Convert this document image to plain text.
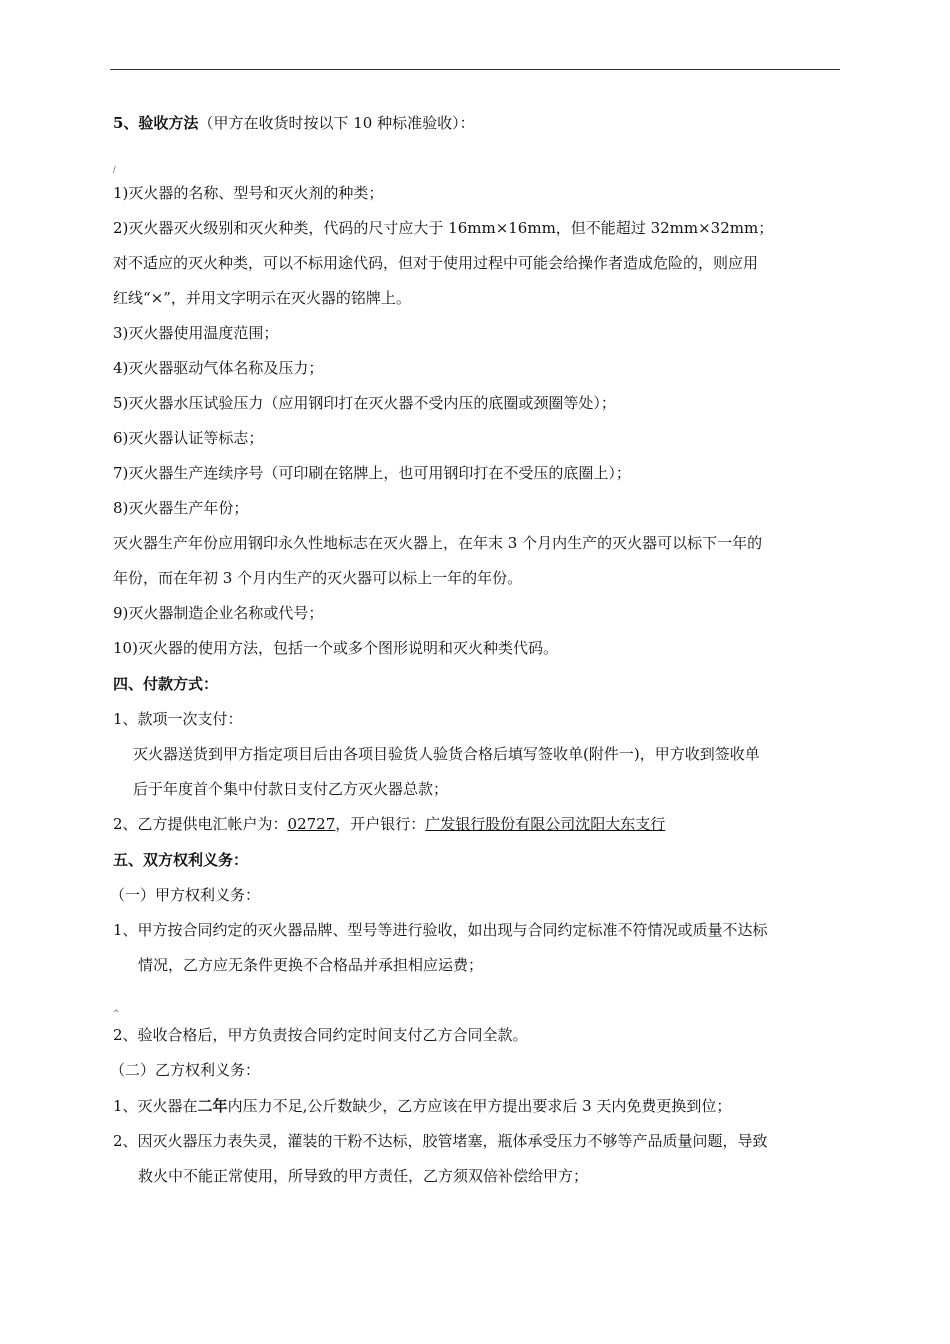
5、验收方法（甲方在收货时按以下 10 种标准验收）：
/
1)灭火器的名称、型号和灭火剂的种类；
2)灭火器灭火级别和灭火种类，代码的尺寸应大于 16mm×16mm，但不能超过 32mm×32mm；
对不适应的灭火种类，可以不标用途代码，但对于使用过程中可能会给操作者造成危险的，则应用
红线“×”，并用文字明示在灭火器的铭牌上。
3)灭火器使用温度范围；
4)灭火器驱动气体名称及压力；
5)灭火器水压试验压力（应用钢印打在灭火器不受内压的底圈或颈圈等处）；
6)灭火器认证等标志；
7)灭火器生产连续序号（可印刷在铭牌上，也可用钢印打在不受压的底圈上）；
8)灭火器生产年份；
灭火器生产年份应用钢印永久性地标志在灭火器上，在年末 3 个月内生产的灭火器可以标下一年的
年份，而在年初 3 个月内生产的灭火器可以标上一年的年份。
9)灭火器制造企业名称或代号；
10)灭火器的使用方法，包括一个或多个图形说明和灭火种类代码。
四、付款方式：
1、款项一次支付：
灭火器送货到甲方指定项目后由各项目验货人验货合格后填写签收单(附件一)，甲方收到签收单
后于年度首个集中付款日支付乙方灭火器总款；
2、乙方提供电汇帐户为：02727，开户银行：广发银行股份有限公司沈阳大东支行
五、双方权利义务：
（一）甲方权利义务：
1、甲方按合同约定的灭火器品牌、型号等进行验收，如出现与合同约定标准不符情况或质量不达标
情况，乙方应无条件更换不合格品并承担相应运费；
^
2、验收合格后，甲方负责按合同约定时间支付乙方合同全款。
（二）乙方权利义务：
1、灭火器在二年内压力不足,公斤数缺少，乙方应该在甲方提出要求后 3 天内免费更换到位；
2、因灭火器压力表失灵，灌装的干粉不达标，胶管堵塞，瓶体承受压力不够等产品质量问题，导致
救火中不能正常使用，所导致的甲方责任，乙方须双倍补偿给甲方；
